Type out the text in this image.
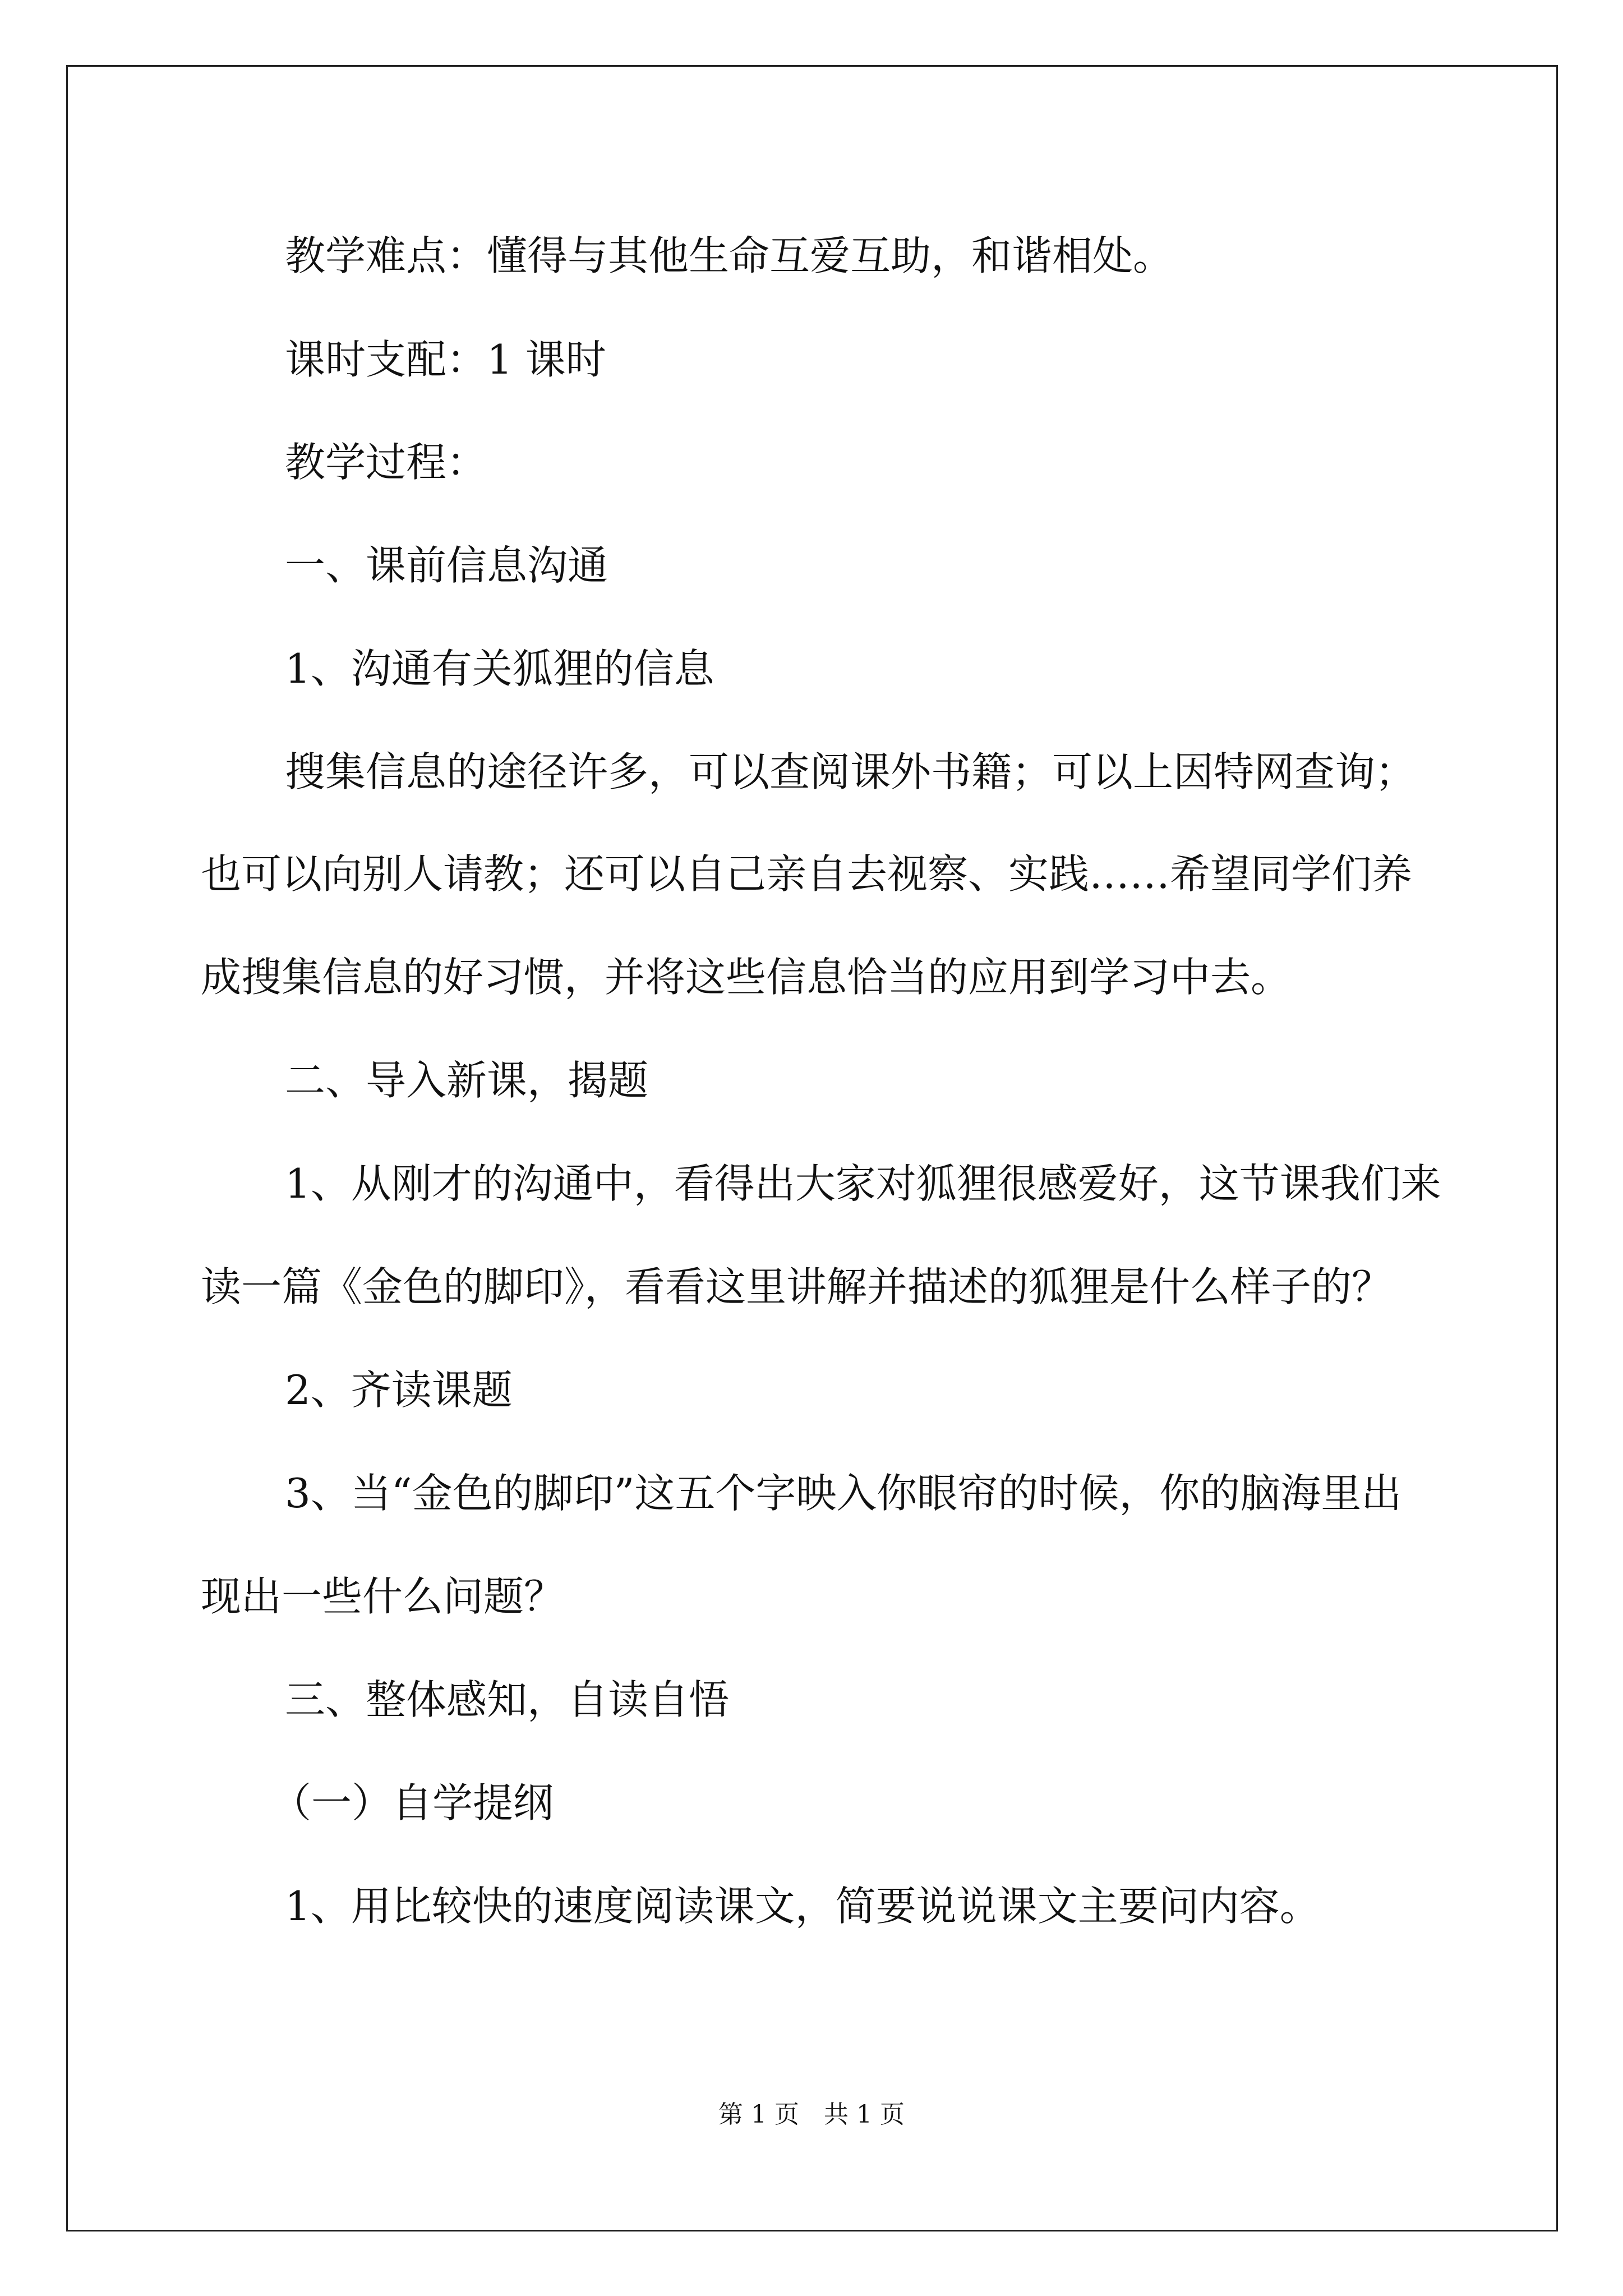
教学难点：懂得与其他生命互爱互助，和谐相处。

课时支配：1 课时

教学过程：

一、课前信息沟通

1、沟通有关狐狸的信息

搜集信息的途径许多，可以查阅课外书籍；可以上因特网查询；

也可以向别人请教；还可以自己亲自去视察、实践……希望同学们养

成搜集信息的好习惯，并将这些信息恰当的应用到学习中去。

二、导入新课，揭题

1、从刚才的沟通中，看得出大家对狐狸很感爱好，这节课我们来

读一篇《金色的脚印》，看看这里讲解并描述的狐狸是什么样子的？

2、齐读课题

3、当“金色的脚印”这五个字映入你眼帘的时候，你的脑海里出

现出一些什么问题？

三、整体感知，自读自悟

（一）自学提纲

1、用比较快的速度阅读课文，简要说说课文主要问内容。

第 1 页　共 1 页
